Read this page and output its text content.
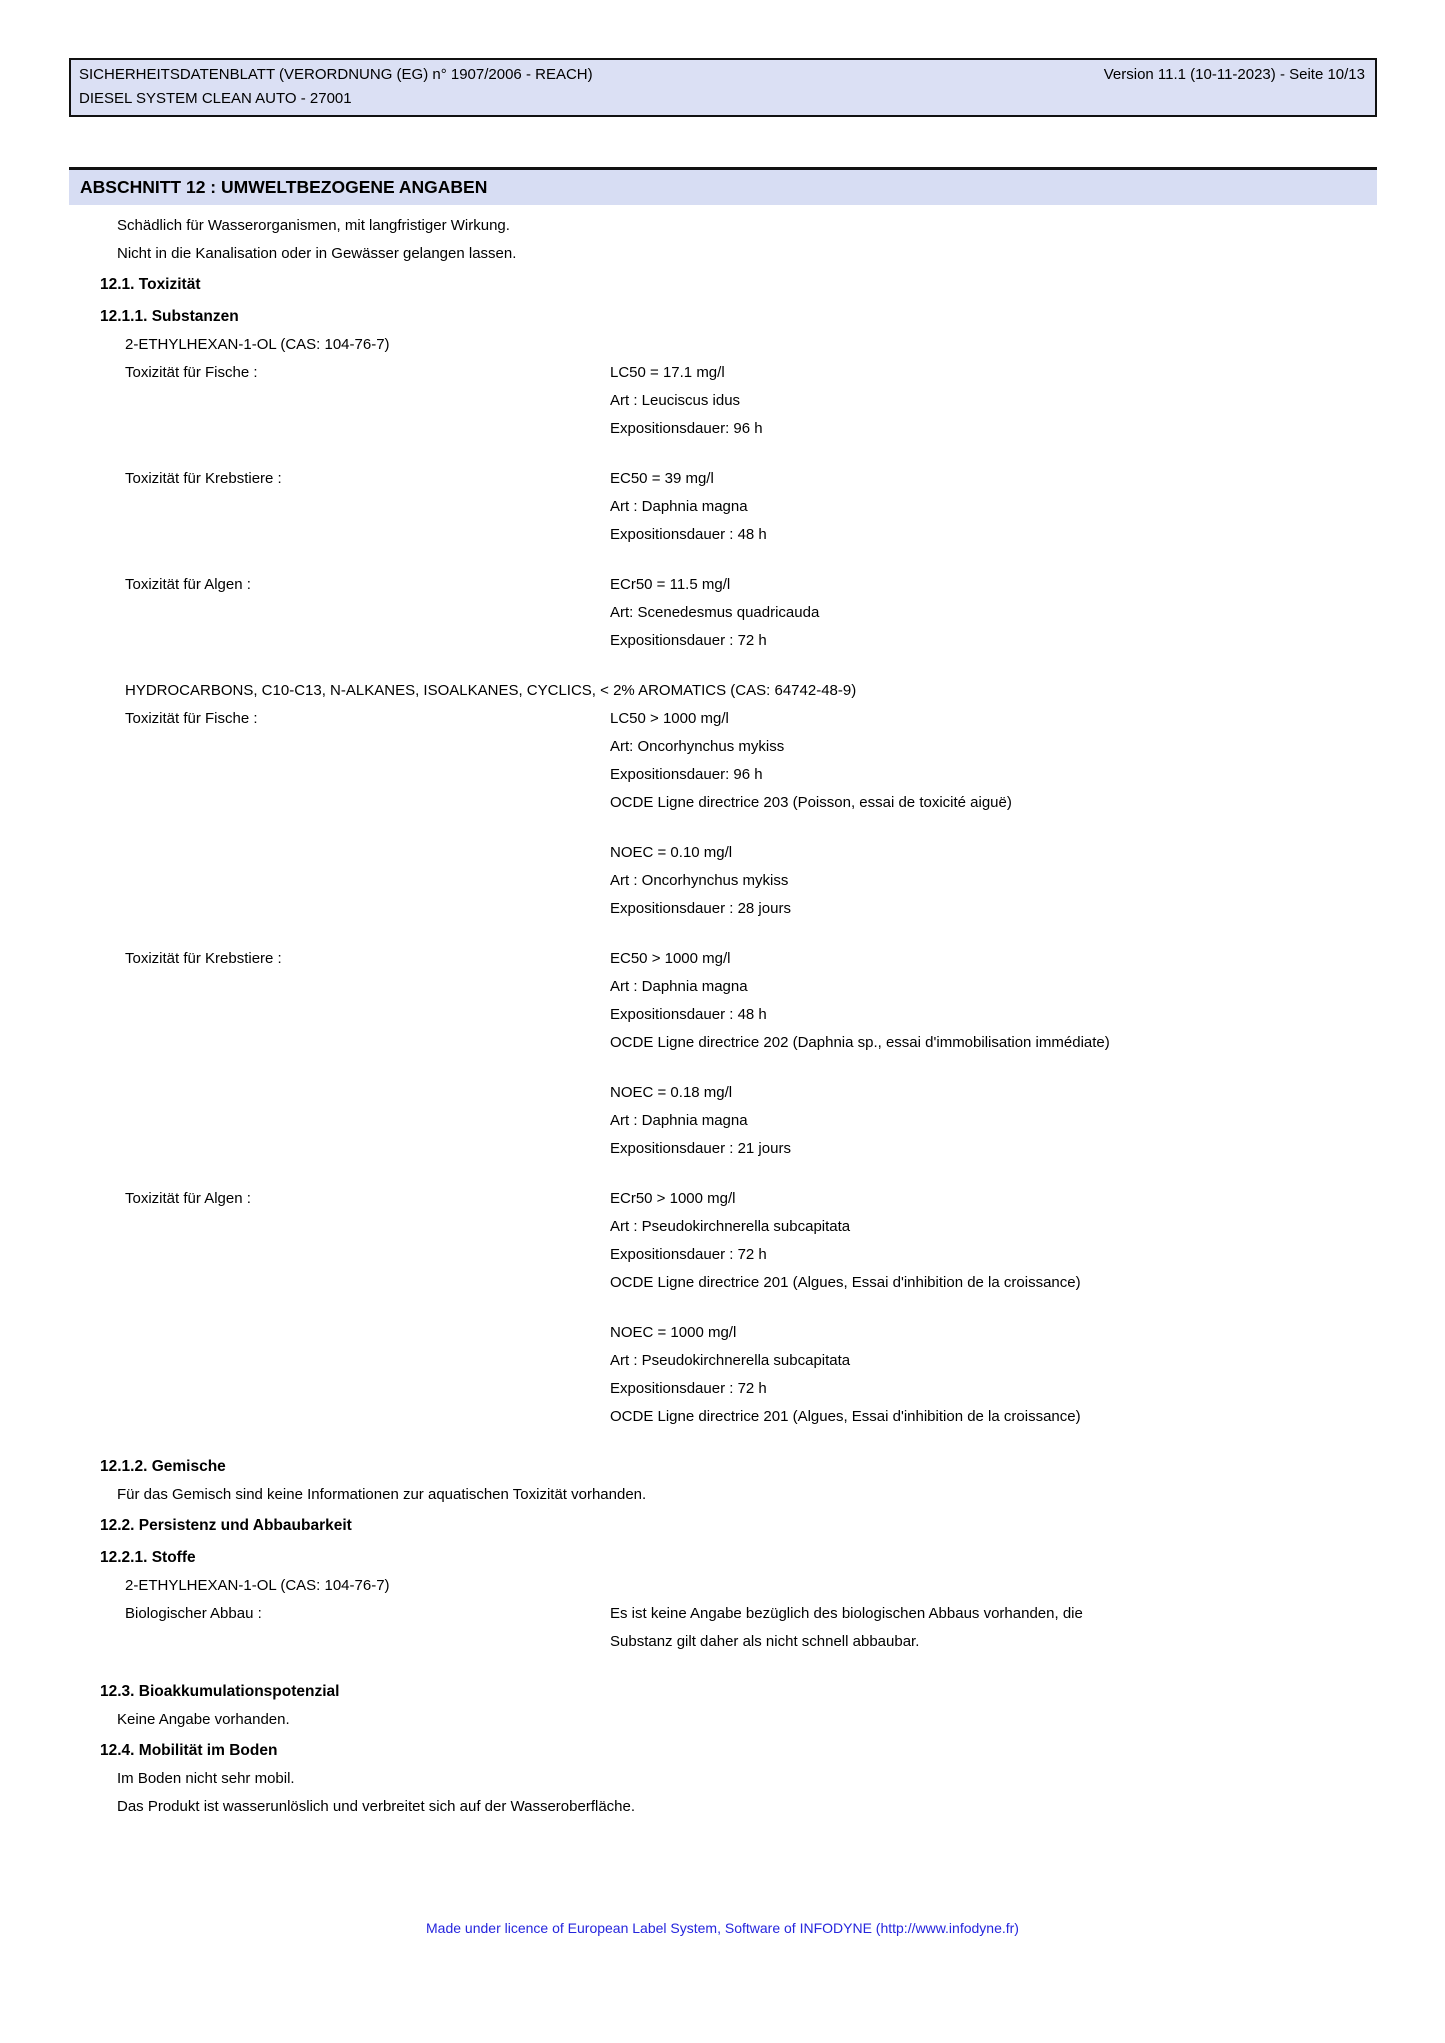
SICHERHEITSDATENBLATT (VERORDNUNG (EG) n° 1907/2006 - REACH)	Version 11.1 (10-11-2023) - Seite 10/13
DIESEL SYSTEM CLEAN AUTO - 27001
ABSCHNITT 12 : UMWELTBEZOGENE ANGABEN
Schädlich für Wasserorganismen, mit langfristiger Wirkung.
Nicht in die Kanalisation oder in Gewässer gelangen lassen.
12.1. Toxizität
12.1.1. Substanzen
2-ETHYLHEXAN-1-OL (CAS: 104-76-7)
Toxizität für Fische :	LC50 = 17.1 mg/l
Art : Leuciscus idus
Expositionsdauer: 96 h
Toxizität für Krebstiere :	EC50 = 39 mg/l
Art : Daphnia magna
Expositionsdauer : 48 h
Toxizität für Algen :	ECr50 = 11.5 mg/l
Art: Scenedesmus quadricauda
Expositionsdauer : 72 h
HYDROCARBONS, C10-C13, N-ALKANES, ISOALKANES, CYCLICS, < 2% AROMATICS (CAS: 64742-48-9)
Toxizität für Fische :	LC50 > 1000 mg/l
Art: Oncorhynchus mykiss
Expositionsdauer: 96 h
OCDE Ligne directrice 203 (Poisson, essai de toxicité aiguë)
NOEC = 0.10 mg/l
Art : Oncorhynchus mykiss
Expositionsdauer : 28 jours
Toxizität für Krebstiere :	EC50 > 1000 mg/l
Art : Daphnia magna
Expositionsdauer : 48 h
OCDE Ligne directrice 202 (Daphnia sp., essai d'immobilisation immédiate)
NOEC = 0.18 mg/l
Art : Daphnia magna
Expositionsdauer : 21 jours
Toxizität für Algen :	ECr50 > 1000 mg/l
Art : Pseudokirchnerella subcapitata
Expositionsdauer : 72 h
OCDE Ligne directrice 201 (Algues, Essai d'inhibition de la croissance)
NOEC = 1000 mg/l
Art : Pseudokirchnerella subcapitata
Expositionsdauer : 72 h
OCDE Ligne directrice 201 (Algues, Essai d'inhibition de la croissance)
12.1.2. Gemische
Für das Gemisch sind keine Informationen zur aquatischen Toxizität vorhanden.
12.2. Persistenz und Abbaubarkeit
12.2.1. Stoffe
2-ETHYLHEXAN-1-OL (CAS: 104-76-7)
Biologischer Abbau :	Es ist keine Angabe bezüglich des biologischen Abbaus vorhanden, die
Substanz gilt daher als nicht schnell abbaubar.
12.3. Bioakkumulationspotenzial
Keine Angabe vorhanden.
12.4. Mobilität im Boden
Im Boden nicht sehr mobil.
Das Produkt ist wasserunlöslich und verbreitet sich auf der Wasseroberfläche.
Made under licence of European Label System, Software of INFODYNE (http://www.infodyne.fr)
